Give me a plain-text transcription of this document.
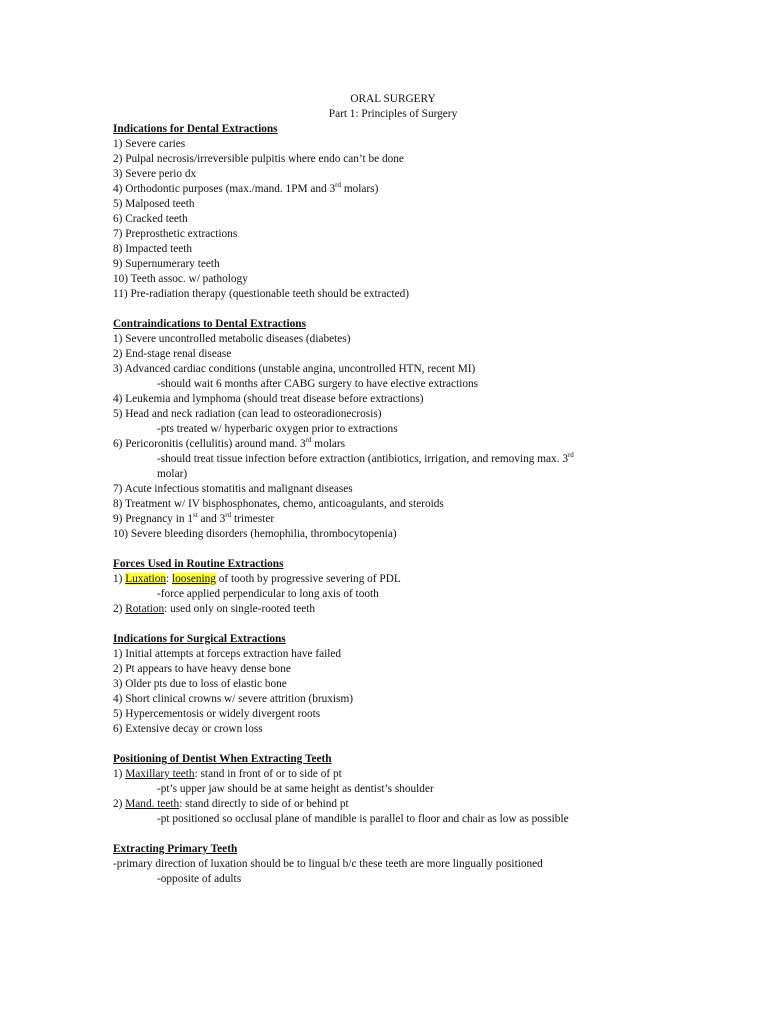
ORAL SURGERY
Part 1: Principles of Surgery
Indications for Dental Extractions
1) Severe caries
2) Pulpal necrosis/irreversible pulpitis where endo can’t be done
3) Severe perio dx
4) Orthodontic purposes (max./mand. 1PM and 3rd molars)
5) Malposed teeth
6) Cracked teeth
7) Preprosthetic extractions
8) Impacted teeth
9) Supernumerary teeth
10) Teeth assoc. w/ pathology
11) Pre-radiation therapy (questionable teeth should be extracted)
Contraindications to Dental Extractions
1) Severe uncontrolled metabolic diseases (diabetes)
2) End-stage renal disease
3) Advanced cardiac conditions (unstable angina, uncontrolled HTN, recent MI)
-should wait 6 months after CABG surgery to have elective extractions
4) Leukemia and lymphoma (should treat disease before extractions)
5) Head and neck radiation (can lead to osteoradionecrosis)
-pts treated w/ hyperbaric oxygen prior to extractions
6) Pericoronitis (cellulitis) around mand. 3rd molars
-should treat tissue infection before extraction (antibiotics, irrigation, and removing max. 3rd molar)
7) Acute infectious stomatitis and malignant diseases
8) Treatment w/ IV bisphosphonates, chemo, anticoagulants, and steroids
9) Pregnancy in 1st and 3rd trimester
10) Severe bleeding disorders (hemophilia, thrombocytopenia)
Forces Used in Routine Extractions
1) Luxation: loosening of tooth by progressive severing of PDL
-force applied perpendicular to long axis of tooth
2) Rotation: used only on single-rooted teeth
Indications for Surgical Extractions
1) Initial attempts at forceps extraction have failed
2) Pt appears to have heavy dense bone
3) Older pts due to loss of elastic bone
4) Short clinical crowns w/ severe attrition (bruxism)
5) Hypercementosis or widely divergent roots
6) Extensive decay or crown loss
Positioning of Dentist When Extracting Teeth
1) Maxillary teeth: stand in front of or to side of pt
-pt’s upper jaw should be at same height as dentist’s shoulder
2) Mand. teeth: stand directly to side of or behind pt
-pt positioned so occlusal plane of mandible is parallel to floor and chair as low as possible
Extracting Primary Teeth
-primary direction of luxation should be to lingual b/c these teeth are more lingually positioned
-opposite of adults
